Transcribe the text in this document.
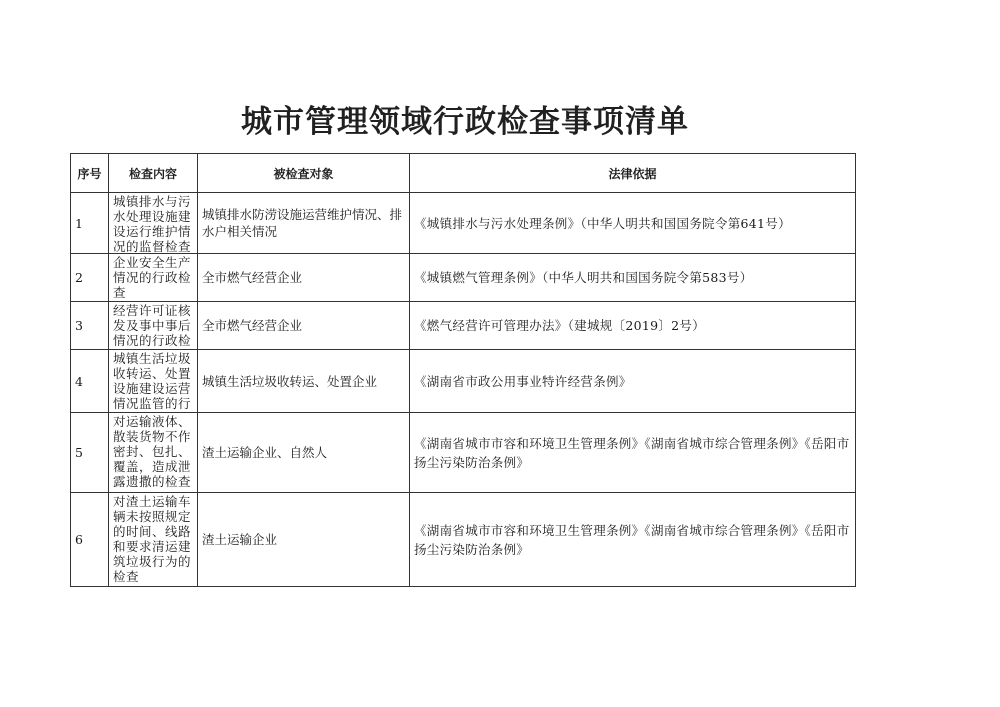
城市管理领域行政检查事项清单
序号	检查内容	被检查对象	法律依据
1	城镇排水与污水处理设施建设运行维护情况的监督检查	城镇排水防涝设施运营维护情况、排水户相关情况	《城镇排水与污水处理条例》（中华人明共和国国务院令第641号）
2	企业安全生产情况的行政检查	全市燃气经营企业	《城镇燃气管理条例》（中华人明共和国国务院令第583号）
3	经营许可证核发及事中事后情况的行政检	全市燃气经营企业	《燃气经营许可管理办法》（建城规〔2019〕2号）
4	城镇生活垃圾收转运、处置设施建设运营情况监管的行	城镇生活垃圾收转运、处置企业	《湖南省市政公用事业特许经营条例》
5	对运输液体、散装货物不作密封、包扎、覆盖，造成泄露遗撒的检查	渣土运输企业、自然人	《湖南省城市市容和环境卫生管理条例》《湖南省城市综合管理条例》《岳阳市扬尘污染防治条例》
6	对渣土运输车辆未按照规定的时间、线路和要求清运建筑垃圾行为的检查	渣土运输企业	《湖南省城市市容和环境卫生管理条例》《湖南省城市综合管理条例》《岳阳市扬尘污染防治条例》
